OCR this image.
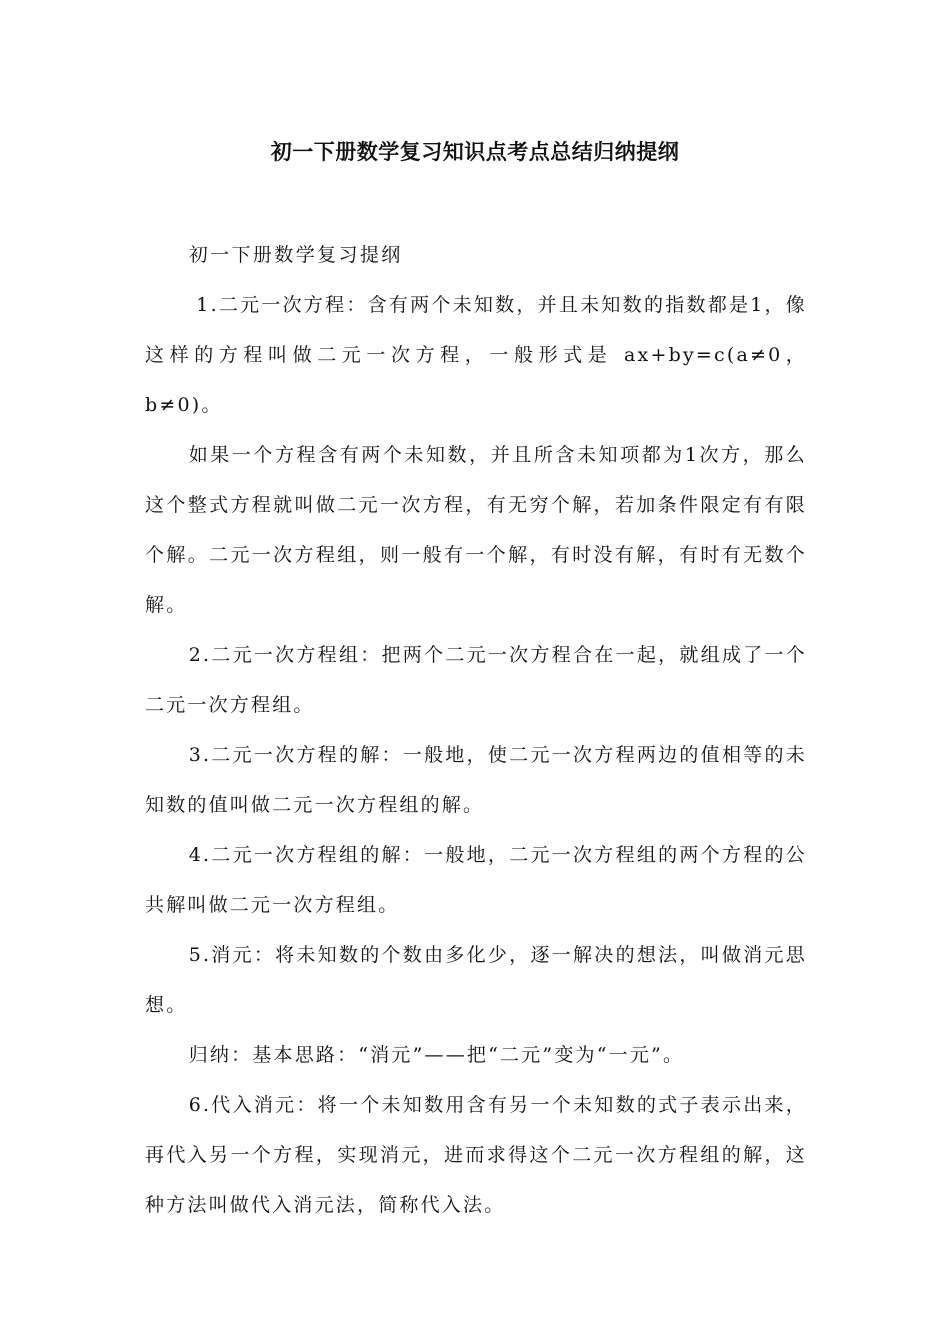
初一下册数学复习知识点考点总结归纳提纲

初一下册数学复习提纲

1.二元一次方程：含有两个未知数，并且未知数的指数都是1，像这样的方程叫做二元一次方程，一般形式是 ax+by=c(a≠0，b≠0)。

如果一个方程含有两个未知数，并且所含未知项都为1次方，那么这个整式方程就叫做二元一次方程，有无穷个解，若加条件限定有有限个解。二元一次方程组，则一般有一个解，有时没有解，有时有无数个解。

2.二元一次方程组：把两个二元一次方程合在一起，就组成了一个二元一次方程组。

3.二元一次方程的解：一般地，使二元一次方程两边的值相等的未知数的值叫做二元一次方程组的解。

4.二元一次方程组的解：一般地，二元一次方程组的两个方程的公共解叫做二元一次方程组。

5.消元：将未知数的个数由多化少，逐一解决的想法，叫做消元思想。

归纳：基本思路：“消元”——把“二元”变为“一元”。

6.代入消元：将一个未知数用含有另一个未知数的式子表示出来，再代入另一个方程，实现消元，进而求得这个二元一次方程组的解，这种方法叫做代入消元法，简称代入法。
